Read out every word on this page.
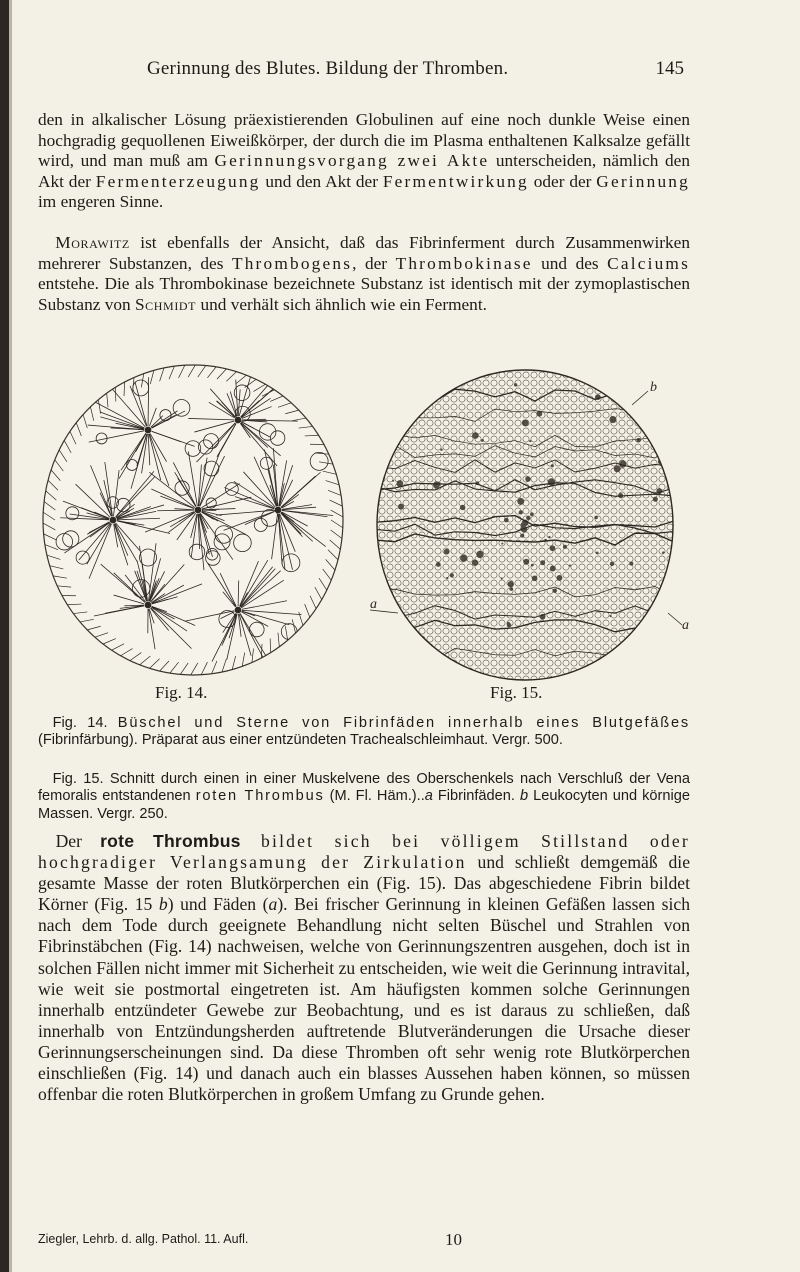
Gerinnung des Blutes. Bildung der Thromben.	145

den in alkalischer Lösung präexistierenden Globulinen auf eine noch dunkle Weise einen hochgradig gequollenen Eiweißkörper, der durch die im Plasma enthaltenen Kalksalze gefällt wird, und man muß am Gerinnungsvorgang zwei Akte unterscheiden, nämlich den Akt der Fermenterzeugung und den Akt der Fermentwirkung oder der Gerinnung im engeren Sinne.

 Morawitz ist ebenfalls der Ansicht, daß das Fibrinferment durch Zusammenwirken mehrerer Substanzen, des Thrombogens, der Thrombokinase und des Calciums entstehe. Die als Thrombokinase bezeichnete Substanz ist identisch mit der zymoplastischen Substanz von Schmidt und verhält sich ähnlich wie ein Ferment.

a
a
b
Fig. 14.	Fig. 15.

 Fig. 14. Büschel und Sterne von Fibrinfäden innerhalb eines Blutgefäßes (Fibrinfärbung). Präparat aus einer entzündeten Trachealschleimhaut. Vergr. 500.

 Fig. 15. Schnitt durch einen in einer Muskelvene des Oberschenkels nach Verschluß der Vena femoralis entstandenen roten Thrombus (M. Fl. Häm.)..a Fibrinfäden. b Leukocyten und körnige Massen. Vergr. 250.

 Der rote Thrombus bildet sich bei völligem Stillstand oder hochgradiger Verlangsamung der Zirkulation und schließt demgemäß die gesamte Masse der roten Blutkörperchen ein (Fig. 15). Das abgeschiedene Fibrin bildet Körner (Fig. 15 b) und Fäden (a). Bei frischer Gerinnung in kleinen Gefäßen lassen sich nach dem Tode durch geeignete Behandlung nicht selten Büschel und Strahlen von Fibrinstäbchen (Fig. 14) nachweisen, welche von Gerinnungszentren ausgehen, doch ist in solchen Fällen nicht immer mit Sicherheit zu entscheiden, wie weit die Gerinnung intravital, wie weit sie postmortal eingetreten ist. Am häufigsten kommen solche Gerinnungen innerhalb entzündeter Gewebe zur Beobachtung, und es ist daraus zu schließen, daß innerhalb von Entzündungsherden auftretende Blutveränderungen die Ursache dieser Gerinnungserscheinungen sind. Da diese Thromben oft sehr wenig rote Blutkörperchen einschließen (Fig. 14) und danach auch ein blasses Aussehen haben können, so müssen offenbar die roten Blutkörperchen in großem Umfang zu Grunde gehen.

Ziegler, Lehrb. d. allg. Pathol. 11. Aufl.	10
